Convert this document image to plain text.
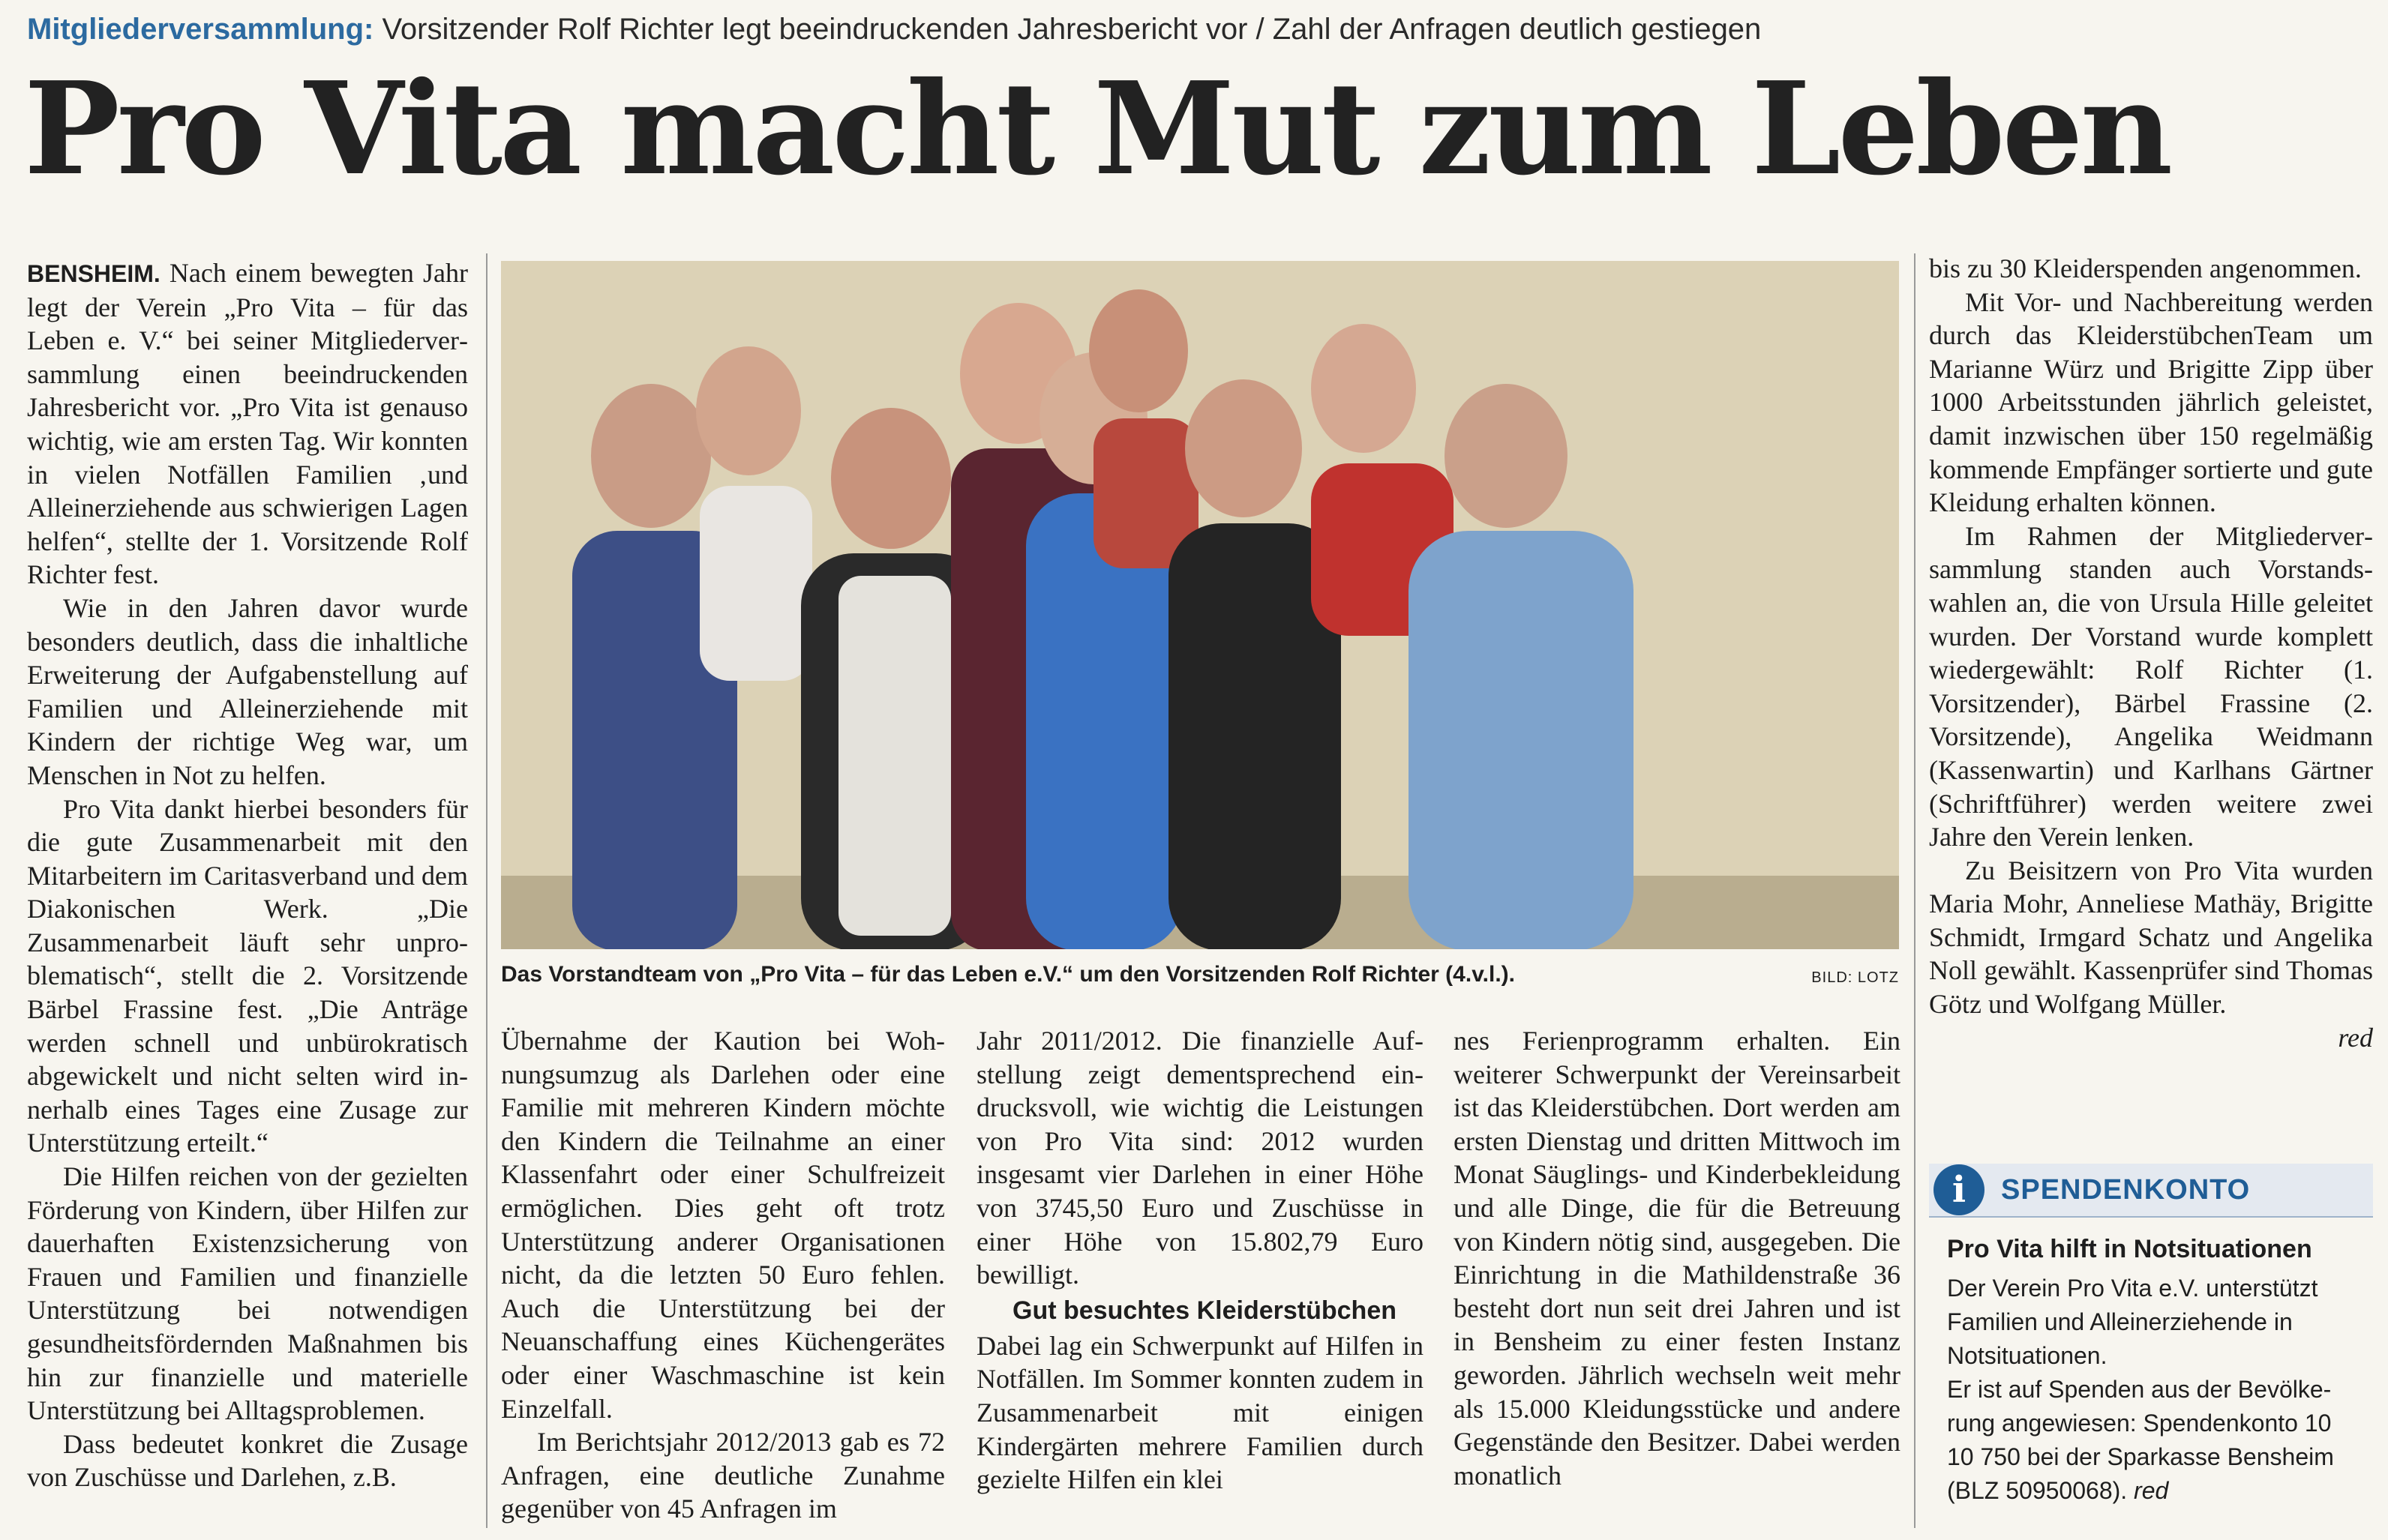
Mitgliederversammlung: Vorsitzender Rolf Richter legt beeindruckenden Jahresbericht vor / Zahl der Anfragen deutlich gestiegen
Pro Vita macht Mut zum Leben

BENSHEIM. Nach einem bewegten Jahr legt der Verein „Pro Vita – für das Leben e. V.“ bei seiner Mitgliederversammlung einen beeindruckenden Jahresbericht vor. „Pro Vita ist genauso wichtig, wie am ersten Tag. Wir konnten in vielen Notfällen Familien ‚und Alleinerziehende aus schwierigen Lagen helfen“, stellte der 1. Vorsitzende Rolf Richter fest.

Wie in den Jahren davor wurde besonders deutlich, dass die inhaltliche Erweiterung der Aufgabenstellung auf Familien und Alleinerziehende mit Kindern der richtige Weg war, um Menschen in Not zu helfen.

Pro Vita dankt hierbei besonders für die gute Zusammenarbeit mit den Mitarbeitern im Caritasverband und dem Diakonischen Werk. „Die Zusammenarbeit läuft sehr unproblematisch“, stellt die 2. Vorsitzende Bärbel Frassine fest. „Die Anträge werden schnell und unbürokratisch abgewickelt und nicht selten wird innerhalb eines Tages eine Zusage zur Unterstützung erteilt.“

Die Hilfen reichen von der gezielten Förderung von Kindern, über Hilfen zur dauerhaften Existenzsicherung von Frauen und Familien und finanzielle Unterstützung bei notwendigen gesundheitsfördernden Maßnahmen bis hin zur finanzielle und materielle Unterstützung bei Alltagsproblemen.

Dass bedeutet konkret die Zusage von Zuschüsse und Darlehen, z.B.

Das Vorstandteam von „Pro Vita – für das Leben e.V.“ um den Vorsitzenden Rolf Richter (4.v.l.).	BILD: LOTZ

Übernahme der Kaution bei Wohnungsumzug als Darlehen oder eine Familie mit mehreren Kindern möchte den Kindern die Teilnahme an einer Klassenfahrt oder einer Schulfreizeit ermöglichen. Dies geht oft trotz Unterstützung anderer Organisationen nicht, da die letzten 50 Euro fehlen. Auch die Unterstützung bei der Neuanschaffung eines Küchengerätes oder einer Waschmaschine ist kein Einzelfall.

Im Berichtsjahr 2012/2013 gab es 72 Anfragen, eine deutliche Zunahme gegenüber von 45 Anfragen im

Jahr 2011/2012. Die finanzielle Aufstellung zeigt dementsprechend eindrucksvoll, wie wichtig die Leistungen von Pro Vita sind: 2012 wurden insgesamt vier Darlehen in einer Höhe von 3745,50 Euro und Zuschüsse in einer Höhe von 15.802,79 Euro bewilligt.

Gut besuchtes Kleiderstübchen

Dabei lag ein Schwerpunkt auf Hilfen in Notfällen. Im Sommer konnten zudem in Zusammenarbeit mit einigen Kindergärten mehrere Familien durch gezielte Hilfen ein klei

nes Ferienprogramm erhalten. Ein weiterer Schwerpunkt der Vereinsarbeit ist das Kleiderstübchen. Dort werden am ersten Dienstag und dritten Mittwoch im Monat Säuglings- und Kinderbekleidung und alle Dinge, die für die Betreuung von Kindern nötig sind, ausgegeben. Die Einrichtung in die Mathildenstraße 36 besteht dort nun seit drei Jahren und ist in Bensheim zu einer festen Instanz geworden. Jährlich wechseln weit mehr als 15.000 Kleidungsstücke und andere Gegenstände den Besitzer. Dabei werden monatlich

bis zu 30 Kleiderspenden angenommen.

Mit Vor- und Nachbereitung werden durch das KleiderstübchenTeam um Marianne Würz und Brigitte Zipp über 1000 Arbeitsstunden jährlich geleistet, damit inzwischen über 150 regelmäßig kommende Empfänger sortierte und gute Kleidung erhalten können.

Im Rahmen der Mitgliederversammlung standen auch Vorstandswahlen an, die von Ursula Hille geleitet wurden. Der Vorstand wurde komplett wiedergewählt: Rolf Richter (1. Vorsitzender), Bärbel Frassine (2. Vorsitzende), Angelika Weidmann (Kassenwartin) und Karlhans Gärtner (Schriftführer) werden weitere zwei Jahre den Verein lenken.

Zu Beisitzern von Pro Vita wurden Maria Mohr, Anneliese Mathäy, Brigitte Schmidt, Irmgard Schatz und Angelika Noll gewählt. Kassenprüfer sind Thomas Götz und Wolfgang Müller.

red
i	SPENDENKONTO
Pro Vita hilft in Notsituationen
Der Verein Pro Vita e.V. unterstützt Familien und Alleinerziehende in Notsituationen.
Er ist auf Spenden aus der Bevölkerung angewiesen: Spendenkonto 10 10 750 bei der Sparkasse Bensheim (BLZ 50950068). red
